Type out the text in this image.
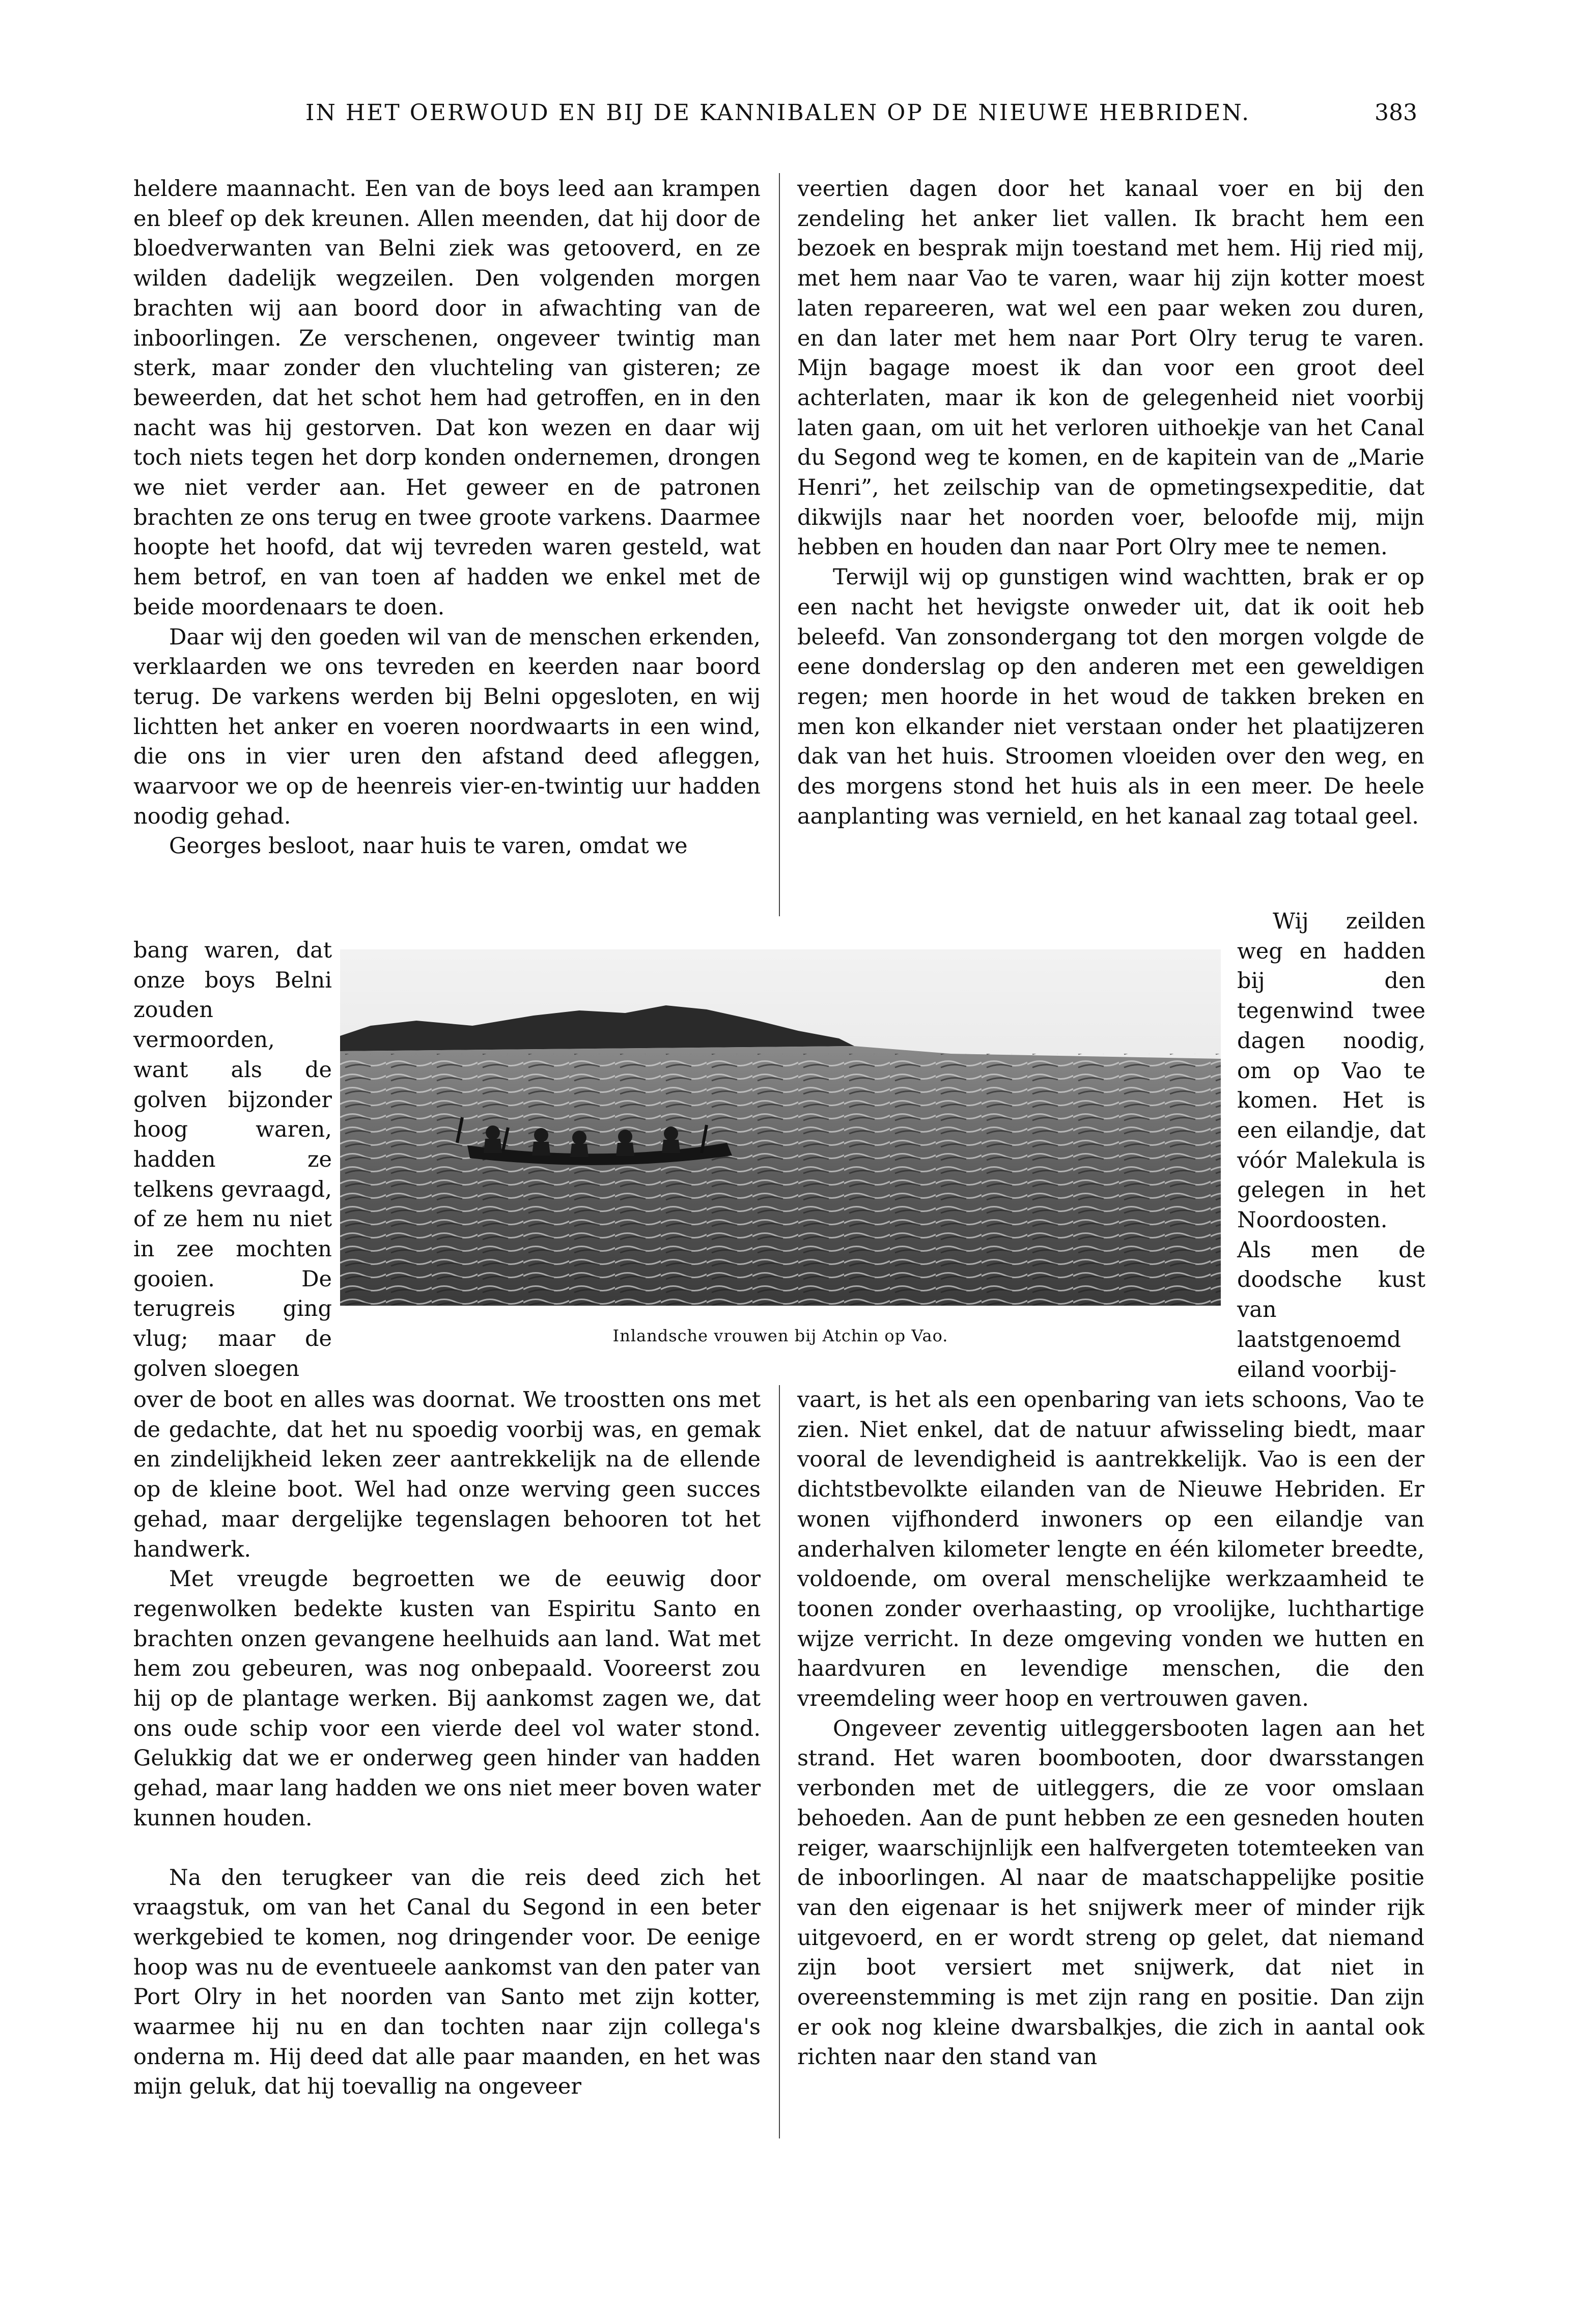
IN HET OERWOUD EN BIJ DE KANNIBALEN OP DE NIEUWE HEBRIDEN.	383

heldere maannacht. Een van de boys leed aan krampen en bleef op dek kreunen. Allen meenden, dat hij door de bloedverwanten van Belni ziek was getooverd, en ze wilden dadelijk wegzeilen. Den volgenden morgen brachten wij aan boord door in afwachting van de inboorlingen. Ze verschenen, ongeveer twintig man sterk, maar zonder den vluchteling van gisteren; ze beweerden, dat het schot hem had getroffen, en in den nacht was hij gestorven. Dat kon wezen en daar wij toch niets tegen het dorp konden ondernemen, drongen we niet verder aan. Het geweer en de patronen brachten ze ons terug en twee groote varkens. Daarmee hoopte het hoofd, dat wij tevreden waren gesteld, wat hem betrof, en van toen af hadden we enkel met de beide moordenaars te doen.

Daar wij den goeden wil van de menschen erkenden, verklaarden we ons tevreden en keerden naar boord terug. De varkens werden bij Belni opgesloten, en wij lichtten het anker en voeren noordwaarts in een wind, die ons in vier uren den afstand deed afleggen, waarvoor we op de heenreis vier-en-twintig uur hadden noodig gehad.

Georges besloot, naar huis te varen, omdat we

bang waren, dat onze boys Belni zouden vermoorden, want als de golven bijzonder hoog waren, hadden ze telkens gevraagd, of ze hem nu niet in zee mochten gooien. De terugreis ging vlug; maar de golven sloegen

over de boot en alles was doornat. We troostten ons met de gedachte, dat het nu spoedig voorbij was, en gemak en zindelijkheid leken zeer aantrekkelijk na de ellende op de kleine boot. Wel had onze werving geen succes gehad, maar dergelijke tegenslagen behooren tot het handwerk.

Met vreugde begroetten we de eeuwig door regenwolken bedekte kusten van Espiritu Santo en brachten onzen gevangene heelhuids aan land. Wat met hem zou gebeuren, was nog onbepaald. Vooreerst zou hij op de plantage werken. Bij aankomst zagen we, dat ons oude schip voor een vierde deel vol water stond. Gelukkig dat we er onderweg geen hinder van hadden gehad, maar lang hadden we ons niet meer boven water kunnen houden.

Na den terugkeer van die reis deed zich het vraagstuk, om van het Canal du Segond in een beter werkgebied te komen, nog dringender voor. De eenige hoop was nu de eventueele aankomst van den pater van Port Olry in het noorden van Santo met zijn kotter, waarmee hij nu en dan tochten naar zijn collega's onderna m. Hij deed dat alle paar maanden, en het was mijn geluk, dat hij toevallig na ongeveer

veertien dagen door het kanaal voer en bij den zendeling het anker liet vallen. Ik bracht hem een bezoek en besprak mijn toestand met hem. Hij ried mij, met hem naar Vao te varen, waar hij zijn kotter moest laten repareeren, wat wel een paar weken zou duren, en dan later met hem naar Port Olry terug te varen. Mijn bagage moest ik dan voor een groot deel achterlaten, maar ik kon de gelegenheid niet voorbij laten gaan, om uit het verloren uithoekje van het Canal du Segond weg te komen, en de kapitein van de „Marie Henri”, het zeilschip van de opmetingsexpeditie, dat dikwijls naar het noorden voer, beloofde mij, mijn hebben en houden dan naar Port Olry mee te nemen.

Terwijl wij op gunstigen wind wachtten, brak er op een nacht het hevigste onweder uit, dat ik ooit heb beleefd. Van zonsondergang tot den morgen volgde de eene donderslag op den anderen met een geweldigen regen; men hoorde in het woud de takken breken en men kon elkander niet verstaan onder het plaatijzeren dak van het huis. Stroomen vloeiden over den weg, en des morgens stond het huis als in een meer. De heele aanplanting was vernield, en het kanaal zag totaal geel.

Wij zeilden weg en hadden bij den tegenwind twee dagen noodig, om op Vao te komen. Het is een eilandje, dat vóór Malekula is gelegen in het Noordoosten. Als men de doodsche kust van laatstgenoemd eiland voorbij-

vaart, is het als een openbaring van iets schoons, Vao te zien. Niet enkel, dat de natuur afwisseling biedt, maar vooral de levendigheid is aantrekkelijk. Vao is een der dichtstbevolkte eilanden van de Nieuwe Hebriden. Er wonen vijfhonderd inwoners op een eilandje van anderhalven kilometer lengte en één kilometer breedte, voldoende, om overal menschelijke werkzaamheid te toonen zonder overhaasting, op vroolijke, luchthartige wijze verricht. In deze omgeving vonden we hutten en haardvuren en levendige menschen, die den vreemdeling weer hoop en vertrouwen gaven.

Ongeveer zeventig uitleggersbooten lagen aan het strand. Het waren boombooten, door dwarsstangen verbonden met de uitleggers, die ze voor omslaan behoeden. Aan de punt hebben ze een gesneden houten reiger, waarschijnlijk een halfvergeten totemteeken van de inboorlingen. Al naar de maatschappelijke positie van den eigenaar is het snijwerk meer of minder rijk uitgevoerd, en er wordt streng op gelet, dat niemand zijn boot versiert met snijwerk, dat niet in overeenstemming is met zijn rang en positie. Dan zijn er ook nog kleine dwarsbalkjes, die zich in aantal ook richten naar den stand van

Inlandsche vrouwen bij Atchin op Vao.
